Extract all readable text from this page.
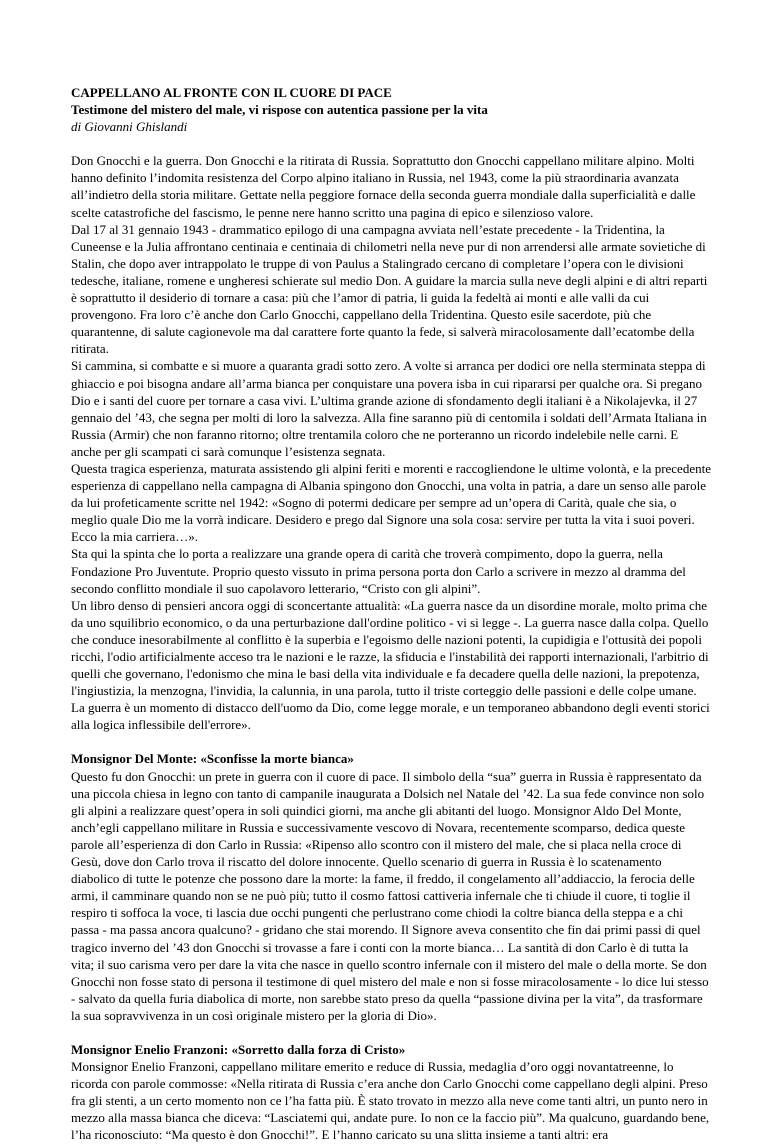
CAPPELLANO AL FRONTE CON IL CUORE DI PACE

Testimone del mistero del male, vi rispose con autentica passione per la vita

di Giovanni Ghislandi

Don Gnocchi e la guerra. Don Gnocchi e la ritirata di Russia. Soprattutto don Gnocchi cappellano militare alpino. Molti hanno definito l’indomita resistenza del Corpo alpino italiano in Russia, nel 1943, come la più straordinaria avanzata all’indietro della storia militare. Gettate nella peggiore fornace della seconda guerra mondiale dalla superficialità e dalle scelte catastrofiche del fascismo, le penne nere hanno scritto una pagina di epico e silenzioso valore.

Dal 17 al 31 gennaio 1943 - drammatico epilogo di una campagna avviata nell’estate precedente - la Tridentina, la Cuneense e la Julia affrontano centinaia e centinaia di chilometri nella neve pur di non arrendersi alle armate sovietiche di Stalin, che dopo aver intrappolato le truppe di von Paulus a Stalingrado cercano di completare l’opera con le divisioni tedesche, italiane, romene e ungheresi schierate sul medio Don. A guidare la marcia sulla neve degli alpini e di altri reparti è soprattutto il desiderio di tornare a casa: più che l’amor di patria, li guida la fedeltà ai monti e alle valli da cui provengono. Fra loro c’è anche don Carlo Gnocchi, cappellano della Tridentina. Questo esile sacerdote, più che quarantenne, di salute cagionevole ma dal carattere forte quanto la fede, si salverà miracolosamente dall’ecatombe della ritirata.

Si cammina, si combatte e si muore a quaranta gradi sotto zero. A volte si arranca per dodici ore nella sterminata steppa di ghiaccio e poi bisogna andare all’arma bianca per conquistare una povera isba in cui ripararsi per qualche ora. Si pregano Dio e i santi del cuore per tornare a casa vivi. L’ultima grande azione di sfondamento degli italiani è a Nikolajevka, il 27 gennaio del ’43, che segna per molti di loro la salvezza. Alla fine saranno più di centomila i soldati dell’Armata Italiana in Russia (Armir) che non faranno ritorno; oltre trentamila coloro che ne porteranno un ricordo indelebile nelle carni. E anche per gli scampati ci sarà comunque l’esistenza segnata.

Questa tragica esperienza, maturata assistendo gli alpini feriti e morenti e raccogliendone le ultime volontà, e la precedente esperienza di cappellano nella campagna di Albania spingono don Gnocchi, una volta in patria, a dare un senso alle parole da lui profeticamente scritte nel 1942: «Sogno di potermi dedicare per sempre ad un’opera di Carità, quale che sia, o meglio quale Dio me la vorrà indicare. Desidero e prego dal Signore una sola cosa: servire per tutta la vita i suoi poveri. Ecco la mia carriera…».

Sta qui la spinta che lo porta a realizzare una grande opera di carità che troverà compimento, dopo la guerra, nella Fondazione Pro Juventute. Proprio questo vissuto in prima persona porta don Carlo a scrivere in mezzo al dramma del secondo conflitto mondiale il suo capolavoro letterario, “Cristo con gli alpini”.

Un libro denso di pensieri ancora oggi di sconcertante attualità: «La guerra nasce da un disordine morale, molto prima che da uno squilibrio economico, o da una perturbazione dall'ordine politico - vi si legge -. La guerra nasce dalla colpa. Quello che conduce inesorabilmente al conflitto è la superbia e l'egoismo delle nazioni potenti, la cupidigia e l'ottusità dei popoli ricchi, l'odio artificialmente acceso tra le nazioni e le razze, la sfiducia e l'instabilità dei rapporti internazionali, l'arbitrio di quelli che governano, l'edonismo che mina le basi della vita individuale e fa decadere quella delle nazioni, la prepotenza, l'ingiustizia, la menzogna, l'invidia, la calunnia, in una parola, tutto il triste corteggio delle passioni e delle colpe umane. La guerra è un momento di distacco dell'uomo da Dio, come legge morale, e un temporaneo abbandono degli eventi storici alla logica inflessibile dell'errore».

Monsignor Del Monte: «Sconfisse la morte bianca»

Questo fu don Gnocchi: un prete in guerra con il cuore di pace. Il simbolo della “sua” guerra in Russia è rappresentato da una piccola chiesa in legno con tanto di campanile inaugurata a Dolsich nel Natale del ’42. La sua fede convince non solo gli alpini a realizzare quest’opera in soli quindici giorni, ma anche gli abitanti del luogo. Monsignor Aldo Del Monte, anch’egli cappellano militare in Russia e successivamente vescovo di Novara, recentemente scomparso, dedica queste parole all’esperienza di don Carlo in Russia: «Ripenso allo scontro con il mistero del male, che si placa nella croce di Gesù, dove don Carlo trova il riscatto del dolore innocente. Quello scenario di guerra in Russia è lo scatenamento diabolico di tutte le potenze che possono dare la morte: la fame, il freddo, il congelamento all’addiaccio, la ferocia delle armi, il camminare quando non se ne può più; tutto il cosmo fattosi cattiveria infernale che ti chiude il cuore, ti toglie il respiro ti soffoca la voce, ti lascia due occhi pungenti che perlustrano come chiodi la coltre bianca della steppa e a chi passa - ma passa ancora qualcuno? - gridano che stai morendo. Il Signore aveva consentito che fin dai primi passi di quel tragico inverno del ’43 don Gnocchi si trovasse a fare i conti con la morte bianca… La santità di don Carlo è di tutta la vita; il suo carisma vero per dare la vita che nasce in quello scontro infernale con il mistero del male o della morte. Se don Gnocchi non fosse stato di persona il testimone di quel mistero del male e non si fosse miracolosamente - lo dice lui stesso - salvato da quella furia diabolica di morte, non sarebbe stato preso da quella “passione divina per la vita”, da trasformare la sua sopravvivenza in un così originale mistero per la gloria di Dio».

Monsignor Enelio Franzoni: «Sorretto dalla forza di Cristo»

Monsignor Enelio Franzoni, cappellano militare emerito e reduce di Russia, medaglia d’oro oggi novantatreenne, lo ricorda con parole commosse: «Nella ritirata di Russia c’era anche don Carlo Gnocchi come cappellano degli alpini. Preso fra gli stenti, a un certo momento non ce l’ha fatta più. È stato trovato in mezzo alla neve come tanti altri, un punto nero in mezzo alla massa bianca che diceva: “Lasciatemi qui, andate pure. Io non ce la faccio più”. Ma qualcuno, guardando bene, l’ha riconosciuto: “Ma questo è don Gnocchi!”. E l’hanno caricato su una slitta insieme a tanti altri: era
